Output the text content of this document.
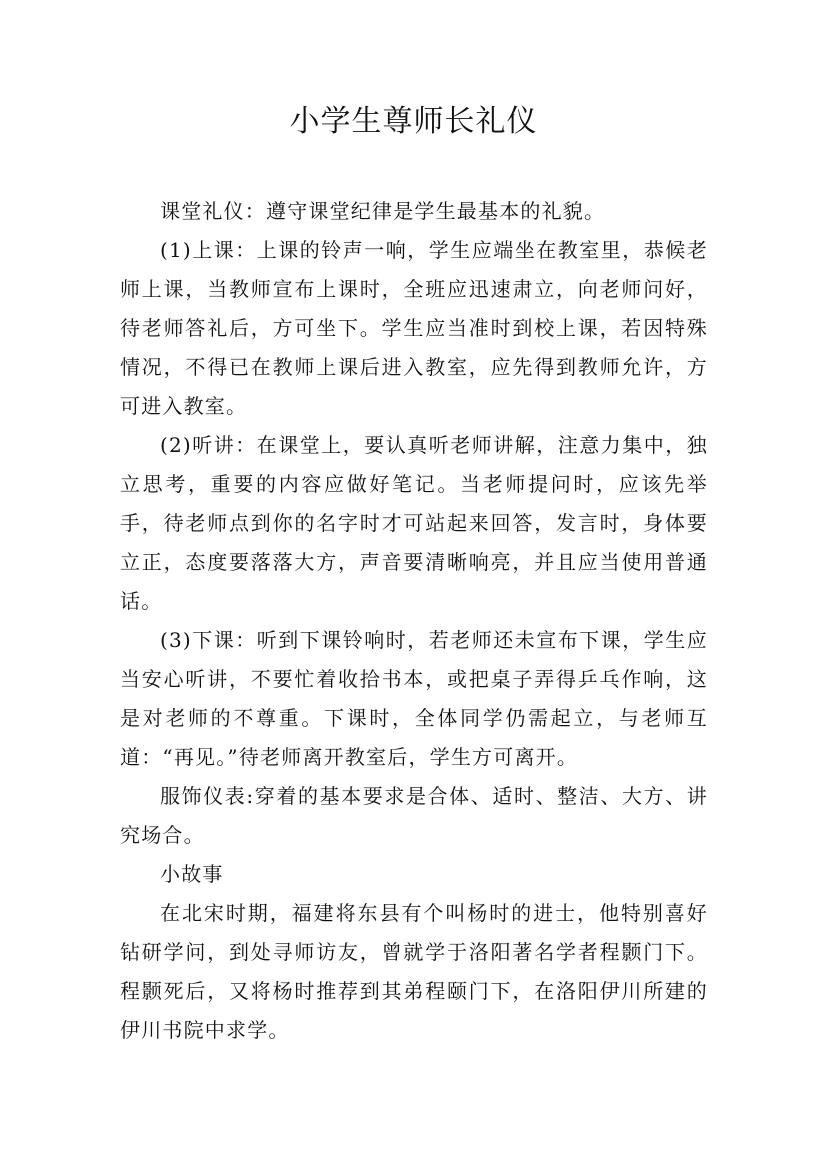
小学生尊师长礼仪

课堂礼仪：遵守课堂纪律是学生最基本的礼貌。

(1)上课：上课的铃声一响，学生应端坐在教室里，恭候老师上课，当教师宣布上课时，全班应迅速肃立，向老师问好，待老师答礼后，方可坐下。学生应当准时到校上课，若因特殊情况，不得已在教师上课后进入教室，应先得到教师允许，方可进入教室。

(2)听讲：在课堂上，要认真听老师讲解，注意力集中，独立思考，重要的内容应做好笔记。当老师提问时，应该先举手，待老师点到你的名字时才可站起来回答，发言时，身体要立正，态度要落落大方，声音要清晰响亮，并且应当使用普通话。

(3)下课：听到下课铃响时，若老师还未宣布下课，学生应当安心听讲，不要忙着收拾书本，或把桌子弄得乒乓作响，这是对老师的不尊重。下课时，全体同学仍需起立，与老师互道：“再见。”待老师离开教室后，学生方可离开。

服饰仪表:穿着的基本要求是合体、适时、整洁、大方、讲究场合。

小故事

在北宋时期，福建将东县有个叫杨时的进士，他特别喜好钻研学问，到处寻师访友，曾就学于洛阳著名学者程颢门下。程颢死后，又将杨时推荐到其弟程颐门下，在洛阳伊川所建的伊川书院中求学。
